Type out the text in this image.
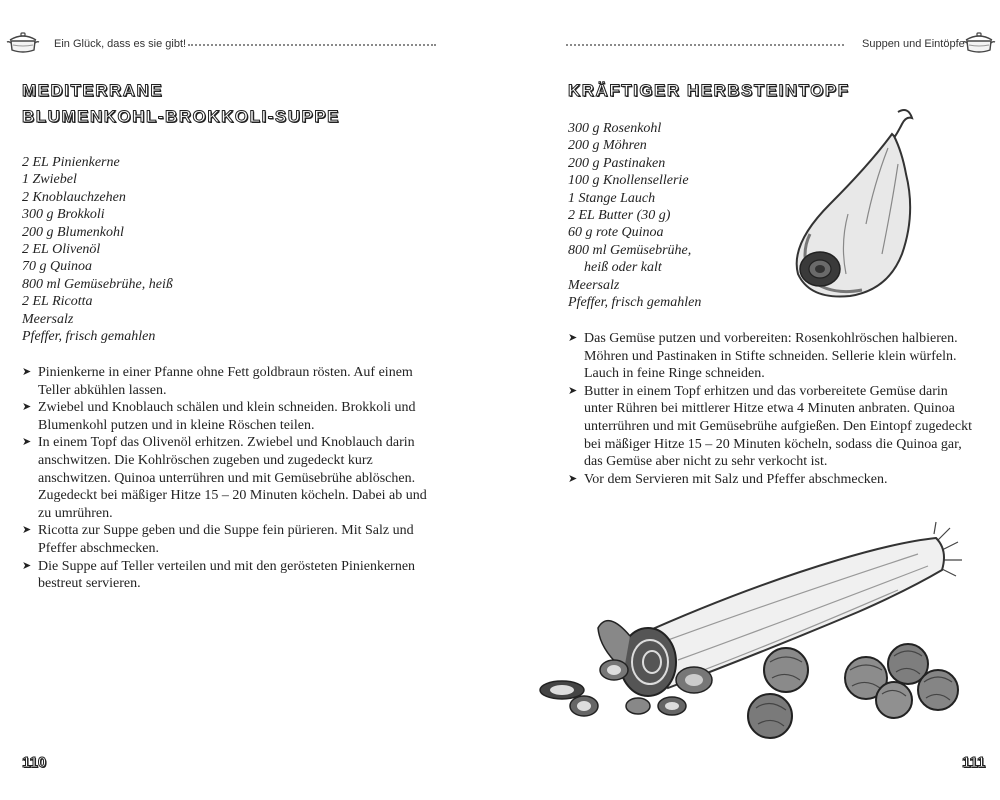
Ein Glück, dass es sie gibt!
MEDITERRANE
BLUMENKOHL-BROKKOLI-SUPPE
2 EL Pinienkerne
1 Zwiebel
2 Knoblauchzehen
300 g Brokkoli
200 g Blumenkohl
2 EL Olivenöl
70 g Quinoa
800 ml Gemüsebrühe, heiß
2 EL Ricotta
Meersalz
Pfeffer, frisch gemahlen
➤ Pinienkerne in einer Pfanne ohne Fett goldbraun rösten. Auf einem Teller abkühlen lassen.
➤ Zwiebel und Knoblauch schälen und klein schneiden. Brokkoli und Blumenkohl putzen und in kleine Röschen teilen.
➤ In einem Topf das Olivenöl erhitzen. Zwiebel und Knoblauch darin anschwitzen. Die Kohlröschen zugeben und zugedeckt kurz anschwitzen. Quinoa unterrühren und mit Gemüsebrühe ablöschen. Zugedeckt bei mäßiger Hitze 15 – 20 Minuten köcheln. Dabei ab und zu umrühren.
➤ Ricotta zur Suppe geben und die Suppe fein pürieren. Mit Salz und Pfeffer abschmecken.
➤ Die Suppe auf Teller verteilen und mit den gerösteten Pinienkernen bestreut servieren.
110
Suppen und Eintöpfe
KRÄFTIGER HERBSTEINTOPF
300 g Rosenkohl
200 g Möhren
200 g Pastinaken
100 g Knollensellerie
1 Stange Lauch
2 EL Butter (30 g)
60 g rote Quinoa
800 ml Gemüsebrühe,
heiß oder kalt
Meersalz
Pfeffer, frisch gemahlen
➤ Das Gemüse putzen und vorbereiten: Rosenkohlröschen halbieren. Möhren und Pastinaken in Stifte schneiden. Sellerie klein würfeln. Lauch in feine Ringe schneiden.
➤ Butter in einem Topf erhitzen und das vorbereitete Gemüse darin unter Rühren bei mittlerer Hitze etwa 4 Minuten anbraten. Quinoa unterrühren und mit Gemüsebrühe aufgießen. Den Eintopf zugedeckt bei mäßiger Hitze 15 – 20 Minuten köcheln, sodass die Quinoa gar, das Gemüse aber nicht zu sehr verkocht ist.
➤ Vor dem Servieren mit Salz und Pfeffer abschmecken.
111
